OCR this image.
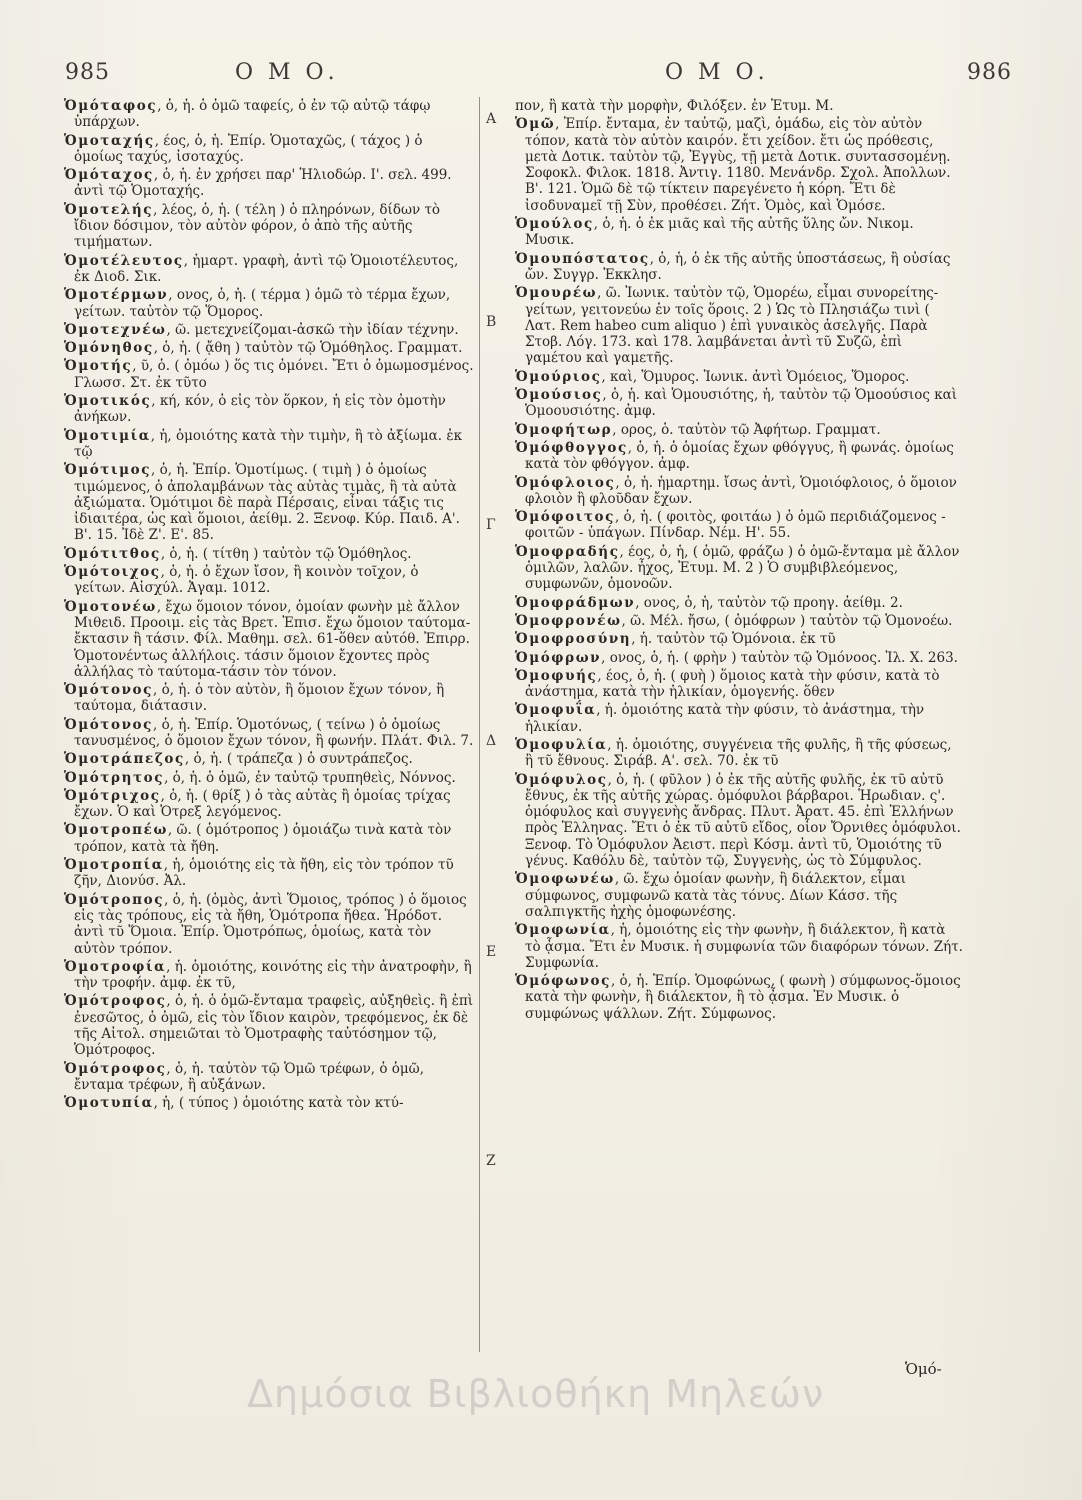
985	Ο Μ Ο.	Ο Μ Ο.	986
Ὁμόταφος, ὁ, ἡ. ὁ ὁμῶ ταφείς, ὁ ἐν τῷ αὐτῷ τάφῳ ὑπάρχων.
Ὁμοταχής, έος, ὁ, ἡ. Ἐπίρ. Ὁμοταχῶς, ( τάχος ) ὁ ὁμοίως ταχύς, ἰσοταχύς.
Ὁμόταχος, ὁ, ἡ. ἐν χρήσει παρ' Ἡλιοδώρ. Ι'. σελ. 499. ἀντὶ τῷ Ὁμοταχής.
Ὁμοτελής, λέος, ὁ, ἡ. ( τέλη ) ὁ πληρόνων, δίδων τὸ ἴδιον δόσιμον, τὸν αὐτὸν φόρον, ὁ ἀπὸ τῆς αὐτῆς τιμήματων.
Ὁμοτέλευτος, ἡμαρτ. γραφὴ, ἀντὶ τῷ Ὁμοιοτέλευτος, ἐκ Διοδ. Σικ.
Ὁμοτέρμων, ονος, ὁ, ἡ. ( τέρμα ) ὁμῶ τὸ τέρμα ἔχων, γείτων. ταὐτὸν τῷ Ὅμορος.
Ὁμοτεχνέω, ῶ. μετεχνείζομαι-ἀσκῶ τὴν ἰδίαν τέχνην.
Ὁμόνηθος, ὁ, ἡ. ( ᾄθη ) ταὐτὸν τῷ Ὁμόθηλος. Γραμματ.
Ὁμοτής, ῦ, ὁ. ( ὀμόω ) ὅς τις ὀμόνει. Ἔτι ὁ ὁμωμοσμένος. Γλωσσ. Στ. ἐκ τῦτο
Ὁμοτικός, κή, κόν, ὁ εἰς τὸν ὅρκον, ἡ εἰς τὸν ὀμοτὴν ἀνήκων.
Ὁμοτιμία, ἡ, ὁμοιότης κατὰ τὴν τιμὴν, ἢ τὸ ἀξίωμα. ἐκ τῷ
Ὁμότιμος, ὁ, ἡ. Ἐπίρ. Ὁμοτίμως. ( τιμὴ ) ὁ ὁμοίως τιμώμενος, ὁ ἀπολαμβάνων τὰς αὐτὰς τιμὰς, ἢ τὰ αὐτὰ ἀξιώματα. Ὁμότιμοι δὲ παρὰ Πέρσαις, εἶναι τάξις τις ἰδιαιτέρα, ὡς καὶ ὅμοιοι, ἀείθμ. 2. Ξενοφ. Κύρ. Παιδ. Α'. Β'. 15. Ἰδὲ Ζ'. Ε'. 85.
Ὁμότιτθος, ὁ, ἡ. ( τίτθη ) ταὐτὸν τῷ Ὁμόθηλος.
Ὁμότοιχος, ὁ, ἡ. ὁ ἔχων ἴσον, ἢ κοινὸν τοῖχον, ὁ γείτων. Αἰσχύλ. Ἀγαμ. 1012.
Ὁμοτονέω, ἔχω ὅμοιον τόνον, ὁμοίαν φωνὴν μὲ ἄλλον Μιθειδ. Προοιμ. εἰς τὰς Βρετ. Ἐπισ. ἔχω ὅμοιον ταύτομα-ἔκτασιν ἢ τάσιν. Φίλ. Μαθημ. σελ. 61-ὅθεν αὐτόθ. Ἐπιρρ. Ὁμοτονέντως ἀλλήλοις. τάσιν ὅμοιον ἔχοντες πρὸς ἀλλήλας τὸ ταύτομα-τάσιν τὸν τόνον.
Ὁμότονος, ὁ, ἡ. ὁ τὸν αὐτὸν, ἢ ὅμοιον ἔχων τόνον, ἢ ταύτομα, διάτασιν.
Ὁμότονος, ὁ, ἡ. Ἐπίρ. Ὁμοτόνως, ( τείνω ) ὁ ὁμοίως τανυσμένος, ὁ ὅμοιον ἔχων τόνον, ἢ φωνήν. Πλάτ. Φιλ. 7.
Ὁμοτράπεζος, ὁ, ἡ. ( τράπεζα ) ὁ συντράπεζος.
Ὁμότρητος, ὁ, ἡ. ὁ ὁμῶ, ἐν ταὐτῷ τρυπηθεὶς, Νόννος.
Ὁμότριχος, ὁ, ἡ. ( θρίξ ) ὁ τὰς αὐτὰς ἢ ὁμοίας τρίχας ἔχων. Ὁ καὶ Ὁτρεξ λεγόμενος.
Ὁμοτροπέω, ῶ. ( ὁμότροπος ) ὁμοιάζω τινὰ κατὰ τὸν τρόπον, κατὰ τὰ ἤθη.
Ὁμοτροπία, ἡ, ὁμοιότης εἰς τὰ ἤθη, εἰς τὸν τρόπον τῦ ζῆν, Διονύσ. Ἀλ.
Ὁμότροπος, ὁ, ἡ. (ὁμὸς, ἀντὶ Ὅμοιος, τρόπος ) ὁ ὅμοιος εἰς τὰς τρόπους, εἰς τὰ ἤθη, Ὁμότροπα ἤθεα. Ἡρόδοτ. ἀντὶ τῦ Ὅμοια. Ἐπίρ. Ὁμοτρόπως, ὁμοίως, κατὰ τὸν αὐτὸν τρόπον.
Ὁμοτροφία, ἡ. ὁμοιότης, κοινότης εἰς τὴν ἀνατροφὴν, ἢ τὴν τροφήν. ἀμφ. ἐκ τῦ,
Ὁμότροφος, ὁ, ἡ. ὁ ὁμῶ-ἔνταμα τραφεὶς, αὐξηθεὶς. ἢ ἐπὶ ἐνεσῶτος, ὁ ὁμῶ, εἰς τὸν ἴδιον καιρὸν, τρεφόμενος, ἐκ δὲ τῆς Αἰτολ. σημειῶται τὸ Ὁμοτραφὴς ταὐτόσημον τῷ, Ὁμότροφος.
Ὁμότροφος, ὁ, ἡ. ταὐτὸν τῷ Ὁμῶ τρέφων, ὁ ὁμῶ, ἔνταμα τρέφων, ἢ αὐξάνων.
Ὁμοτυπία, ἡ, ( τύπος ) ὁμοιότης κατὰ τὸν κτύ-
πον, ἢ κατὰ τὴν μορφὴν, Φιλόξεν. ἐν Ἐτυμ. Μ.
Ὁμῶ, Ἐπίρ. ἔνταμα, ἐν ταὐτῷ, μαζὶ, ὁμάδω, εἰς τὸν αὐτὸν τόπον, κατὰ τὸν αὐτὸν καιρόν. ἔτι χείδον. ἔτι ὡς πρόθεσις, μετὰ Δοτικ. ταὐτὸν τῷ, Ἐγγὺς, τῇ μετὰ Δοτικ. συντασσομένῃ. Σοφοκλ. Φιλοκ. 1818. Ἀντιγ. 1180. Μενάνδρ. Σχολ. Ἀπολλων. Β'. 121. Ὁμῶ δὲ τῷ τίκτειν παρεγένετο ἡ κόρη. Ἔτι δὲ ἰσοδυναμεῖ τῇ Σὺν, προθέσει. Ζήτ. Ὁμὸς, καὶ Ὁμόσε.
Ὁμούλος, ὁ, ἡ. ὁ ἐκ μιᾶς καὶ τῆς αὐτῆς ὕλης ὤν. Νικομ. Μυσικ.
Ὁμουπόστατος, ὁ, ἡ, ὁ ἐκ τῆς αὐτῆς ὑποστάσεως, ἢ οὐσίας ὤν. Συγγρ. Ἐκκλησ.
Ὁμουρέω, ῶ. Ἰωνικ. ταὐτὸν τῷ, Ὁμορέω, εἶμαι συνορείτης-γείτων, γειτονεύω ἐν τοῖς ὅροις. 2 ) Ὡς τὸ Πλησιάζω τινὶ ( Λατ. Rem habeo cum aliquo ) ἐπὶ γυναικὸς ἀσελγῆς. Παρὰ Στοβ. Λόγ. 173. καὶ 178. λαμβάνεται ἀντὶ τῦ Συζῶ, ἐπὶ γαμέτου καὶ γαμετῆς.
Ὁμούριος, καὶ, Ὅμυρος. Ἰωνικ. ἀντὶ Ὁμόειος, Ὅμορος.
Ὁμούσιος, ὁ, ἡ. καὶ Ὁμουσιότης, ἡ, ταὐτὸν τῷ Ὁμοούσιος καὶ Ὁμοουσιότης. ἀμφ.
Ὁμοφήτωρ, ορος, ὁ. ταὐτὸν τῷ Ἀφήτωρ. Γραμματ.
Ὁμόφθογγος, ὁ, ἡ. ὁ ὁμοίας ἔχων φθόγγυς, ἢ φωνάς. ὁμοίως κατὰ τὸν φθόγγον. ἀμφ.
Ὁμόφλοιος, ὁ, ἡ. ἡμαρτημ. ἴσως ἀντὶ, Ὁμοιόφλοιος, ὁ ὅμοιον φλοιὸν ἢ φλοῦδαν ἔχων.
Ὁμόφοιτος, ὁ, ἡ. ( φοιτὸς, φοιτάω ) ὁ ὁμῶ περιδιάζομενος - φοιτῶν - ὑπάγων. Πίνδαρ. Νέμ. Η'. 55.
Ὁμοφραδής, έος, ὁ, ἡ, ( ὁμῶ, φράζω ) ὁ ὁμῶ-ἔνταμα μὲ ἄλλον ὁμιλῶν, λαλῶν. ἦχος, Ἐτυμ. Μ. 2 ) Ὁ συμβιβλεόμενος, συμφωνῶν, ὁμονοῶν.
Ὁμοφράδμων, ονος, ὁ, ἡ, ταὐτὸν τῷ προηγ. ἀείθμ. 2.
Ὁμοφρονέω, ῶ. Μέλ. ἤσω, ( ὁμόφρων ) ταὐτὸν τῷ Ὁμονοέω.
Ὁμοφροσύνη, ἡ. ταὐτὸν τῷ Ὁμόνοια. ἐκ τῦ
Ὁμόφρων, ονος, ὁ, ἡ. ( φρὴν ) ταὐτὸν τῷ Ὁμόνοος. Ἰλ. Χ. 263.
Ὁμοφυής, έος, ὁ, ἡ. ( φυὴ ) ὅμοιος κατὰ τὴν φύσιν, κατὰ τὸ ἀνάστημα, κατὰ τὴν ἡλικίαν, ὁμογενής. ὅθεν
Ὁμοφυΐα, ἡ. ὁμοιότης κατὰ τὴν φύσιν, τὸ ἀνάστημα, τὴν ἡλικίαν.
Ὁμοφυλία, ἡ. ὁμοιότης, συγγένεια τῆς φυλῆς, ἢ τῆς φύσεως, ἢ τῦ ἔθνους. Σιράβ. Α'. σελ. 70. ἐκ τῦ
Ὁμόφυλος, ὁ, ἡ. ( φῦλον ) ὁ ἐκ τῆς αὐτῆς φυλῆς, ἐκ τῦ αὐτῦ ἔθνυς, ἐκ τῆς αὐτῆς χώρας. ὁμόφυλοι βάρβαροι. Ἡρωδιαν. ς'. ὁμόφυλος καὶ συγγενὴς ἄνδρας. Πλυτ. Ἀρατ. 45. ἐπὶ Ἑλλήνων πρὸς Ἑλληνας. Ἔτι ὁ ἐκ τῦ αὐτῦ εἴδος, οἷον Ὄρνιθες ὁμόφυλοι. Ξενοφ. Τὸ Ὁμόφυλον Ἀειστ. περὶ Κόσμ. ἀντὶ τῦ, Ὁμοιότης τῦ γένυς. Καθόλυ δὲ, ταὐτὸν τῷ, Συγγενὴς, ὡς τὸ Σύμφυλος.
Ὁμοφωνέω, ῶ. ἔχω ὁμοίαν φωνὴν, ἢ διάλεκτον, εἶμαι σύμφωνος, συμφωνῶ κατὰ τὰς τόνυς. Δίων Κάσσ. τῆς σαλπιγκτῆς ἠχὴς ὁμοφωνέσης.
Ὁμοφωνία, ἡ, ὁμοιότης εἰς τὴν φωνὴν, ἢ διάλεκτον, ἢ κατὰ τὸ ᾆσμα. Ἔτι ἐν Μυσικ. ἡ συμφωνία τῶν διαφόρων τόνων. Ζήτ. Συμφωνία.
Ὁμόφωνος, ὁ, ἡ. Ἐπίρ. Ὁμοφώνως, ( φωνὴ ) σύμφωνος-ὅμοιος κατὰ τὴν φωνὴν, ἢ διάλεκτον, ἢ τὸ ᾆσμα. Ἐν Μυσικ. ὁ συμφώνως ψάλλων. Ζήτ. Σύμφωνος.
Α
Β
Γ
Δ
Ε
Ζ
Ὁμό-
Δημόσια Βιβλιοθήκη Μηλεών
